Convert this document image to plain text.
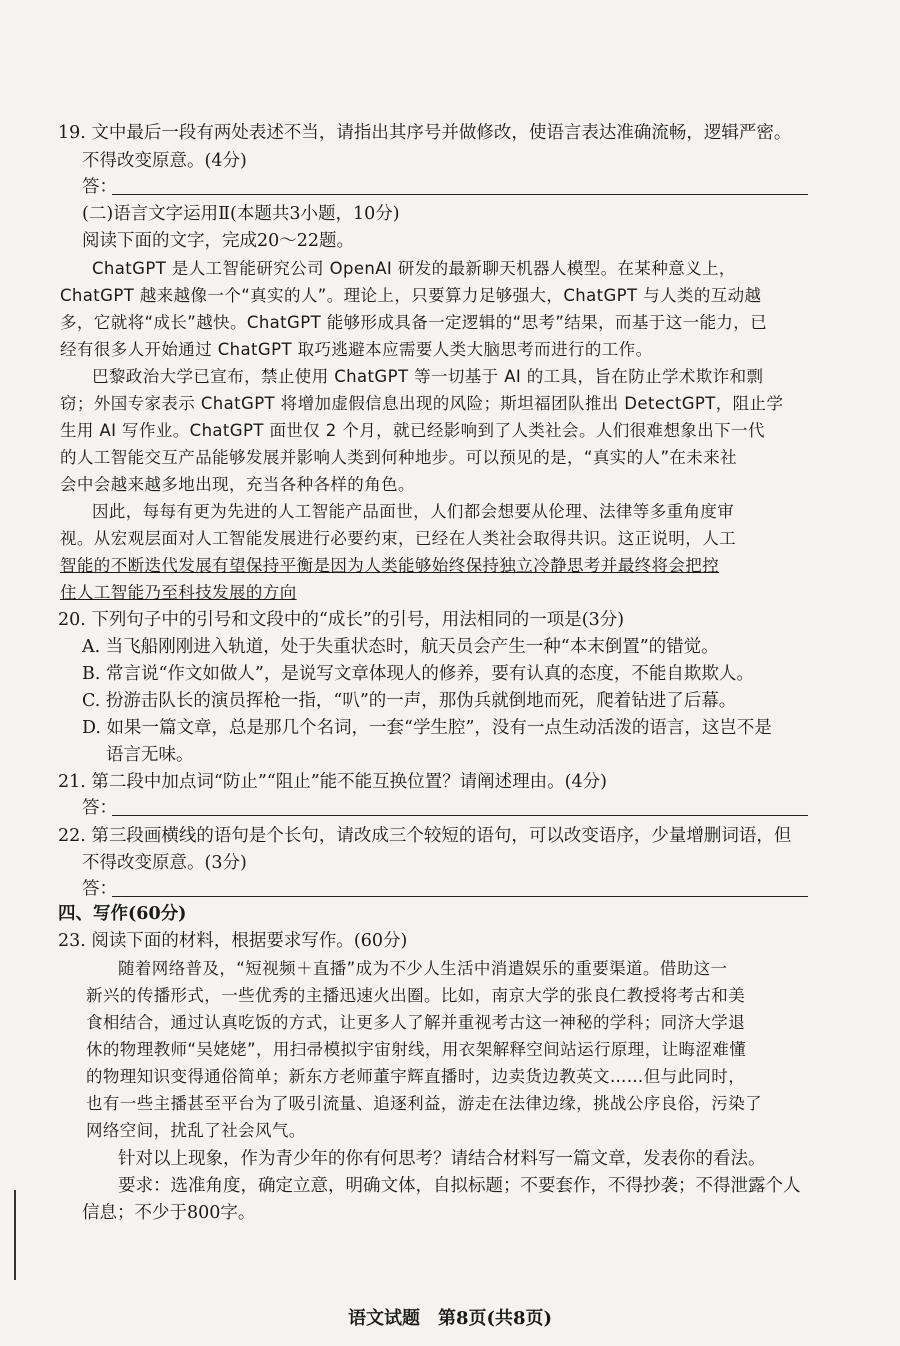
19. 文中最后一段有两处表述不当，请指出其序号并做修改，使语言表达准确流畅，逻辑严密。
不得改变原意。(4分)
答：
(二)语言文字运用Ⅱ(本题共3小题，10分)
阅读下面的文字，完成20～22题。
ChatGPT 是人工智能研究公司 OpenAI 研发的最新聊天机器人模型。在某种意义上，
ChatGPT 越来越像一个“真实的人”。理论上，只要算力足够强大，ChatGPT 与人类的互动越
多，它就将“成长”越快。ChatGPT 能够形成具备一定逻辑的“思考”结果，而基于这一能力，已
经有很多人开始通过 ChatGPT 取巧逃避本应需要人类大脑思考而进行的工作。
巴黎政治大学已宣布，禁止使用 ChatGPT 等一切基于 AI 的工具，旨在防止学术欺诈和剽
窃；外国专家表示 ChatGPT 将增加虚假信息出现的风险；斯坦福团队推出 DetectGPT，阻止学
生用 AI 写作业。ChatGPT 面世仅 2 个月，就已经影响到了人类社会。人们很难想象出下一代
的人工智能交互产品能够发展并影响人类到何种地步。可以预见的是，“真实的人”在未来社
会中会越来越多地出现，充当各种各样的角色。
因此，每每有更为先进的人工智能产品面世，人们都会想要从伦理、法律等多重角度审
视。从宏观层面对人工智能发展进行必要约束，已经在人类社会取得共识。这正说明，人工
智能的不断迭代发展有望保持平衡是因为人类能够始终保持独立冷静思考并最终将会把控
住人工智能乃至科技发展的方向
20. 下列句子中的引号和文段中的“成长”的引号，用法相同的一项是(3分)
A. 当飞船刚刚进入轨道，处于失重状态时，航天员会产生一种“本末倒置”的错觉。
B. 常言说“作文如做人”，是说写文章体现人的修养，要有认真的态度，不能自欺欺人。
C. 扮游击队长的演员挥枪一指，“叭”的一声，那伪兵就倒地而死，爬着钻进了后幕。
D. 如果一篇文章，总是那几个名词，一套“学生腔”，没有一点生动活泼的语言，这岂不是
语言无味。
21. 第二段中加点词“防止”“阻止”能不能互换位置？请阐述理由。(4分)
答：
22. 第三段画横线的语句是个长句，请改成三个较短的语句，可以改变语序，少量增删词语，但
不得改变原意。(3分)
答：
四、写作(60分)
23. 阅读下面的材料，根据要求写作。(60分)
随着网络普及，“短视频＋直播”成为不少人生活中消遣娱乐的重要渠道。借助这一
新兴的传播形式，一些优秀的主播迅速火出圈。比如，南京大学的张良仁教授将考古和美
食相结合，通过认真吃饭的方式，让更多人了解并重视考古这一神秘的学科；同济大学退
休的物理教师“吴姥姥”，用扫帚模拟宇宙射线，用衣架解释空间站运行原理，让晦涩难懂
的物理知识变得通俗简单；新东方老师董宇辉直播时，边卖货边教英文……但与此同时，
也有一些主播甚至平台为了吸引流量、追逐利益，游走在法律边缘，挑战公序良俗，污染了
网络空间，扰乱了社会风气。
针对以上现象，作为青少年的你有何思考？请结合材料写一篇文章，发表你的看法。
要求：选准角度，确定立意，明确文体，自拟标题；不要套作，不得抄袭；不得泄露个人
信息；不少于800字。
语文试题　第8页(共8页)
